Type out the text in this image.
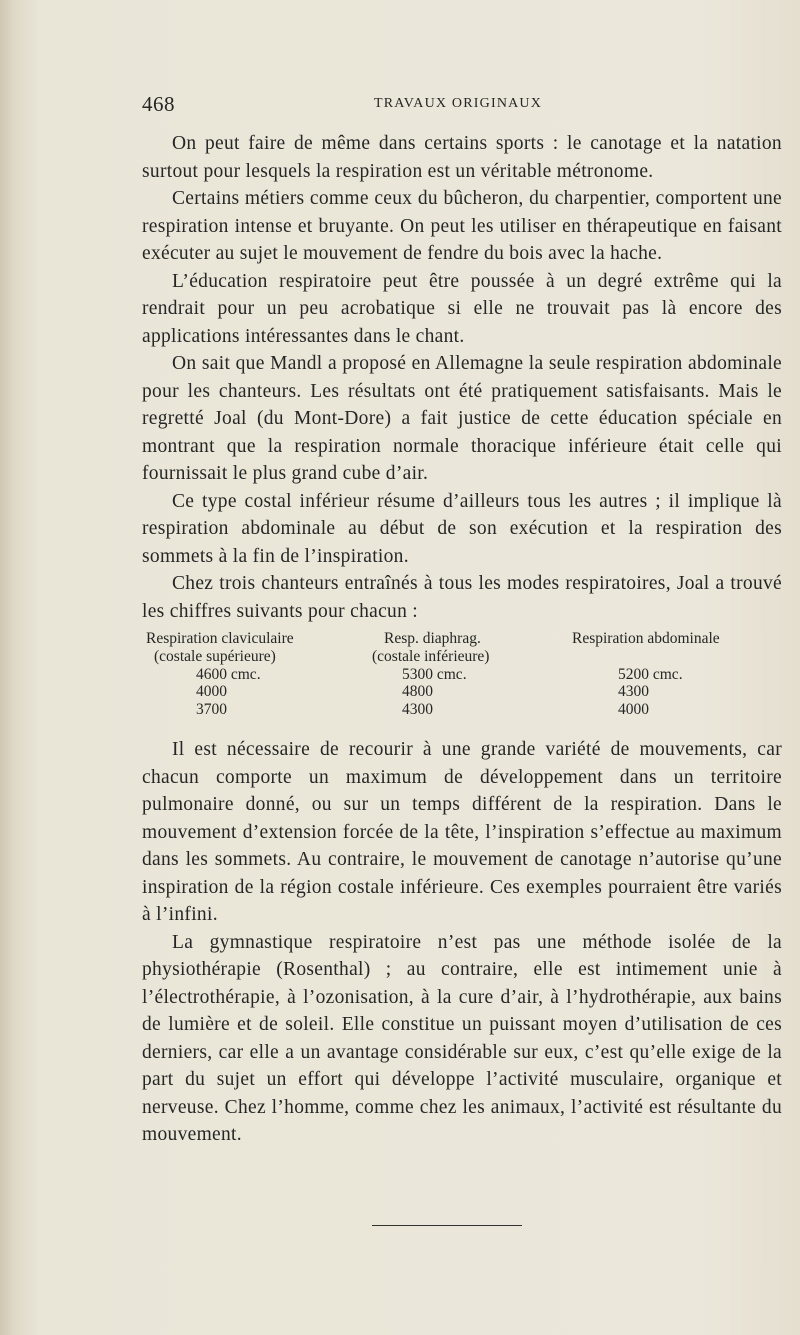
468	TRAVAUX ORIGINAUX

On peut faire de même dans certains sports : le canotage et la natation surtout pour lesquels la respiration est un véritable métronome.

Certains métiers comme ceux du bûcheron, du charpentier, comportent une respiration intense et bruyante. On peut les utiliser en thérapeutique en faisant exécuter au sujet le mouvement de fendre du bois avec la hache.

L’éducation respiratoire peut être poussée à un degré extrême qui la rendrait pour un peu acrobatique si elle ne trouvait pas là encore des applications intéressantes dans le chant.

On sait que Mandl a proposé en Allemagne la seule respiration abdominale pour les chanteurs. Les résultats ont été pratiquement satisfaisants. Mais le regretté Joal (du Mont-Dore) a fait justice de cette éducation spéciale en montrant que la respiration normale thoracique inférieure était celle qui fournissait le plus grand cube d’air.

Ce type costal inférieur résume d’ailleurs tous les autres ; il implique là respiration abdominale au début de son exécution et la respiration des sommets à la fin de l’inspiration.

Chez trois chanteurs entraînés à tous les modes respiratoires, Joal a trouvé les chiffres suivants pour chacun :

Respiration claviculaire
(costale supérieure)
4600 cmc.
4000
3700
Resp. diaphrag.
(costale inférieure)
5300 cmc.
4800
4300
Respiration abdominale

5200 cmc.
4300
4000

Il est nécessaire de recourir à une grande variété de mouvements, car chacun comporte un maximum de développement dans un territoire pulmonaire donné, ou sur un temps différent de la respiration. Dans le mouvement d’extension forcée de la tête, l’inspiration s’effectue au maximum dans les sommets. Au contraire, le mouvement de canotage n’autorise qu’une inspiration de la région costale inférieure. Ces exemples pourraient être variés à l’infini.

La gymnastique respiratoire n’est pas une méthode isolée de la physiothérapie (Rosenthal) ; au contraire, elle est intimement unie à l’électrothérapie, à l’ozonisation, à la cure d’air, à l’hydrothérapie, aux bains de lumière et de soleil. Elle constitue un puissant moyen d’utilisation de ces derniers, car elle a un avantage considérable sur eux, c’est qu’elle exige de la part du sujet un effort qui développe l’activité musculaire, organique et nerveuse. Chez l’homme, comme chez les animaux, l’activité est résultante du mouvement.
